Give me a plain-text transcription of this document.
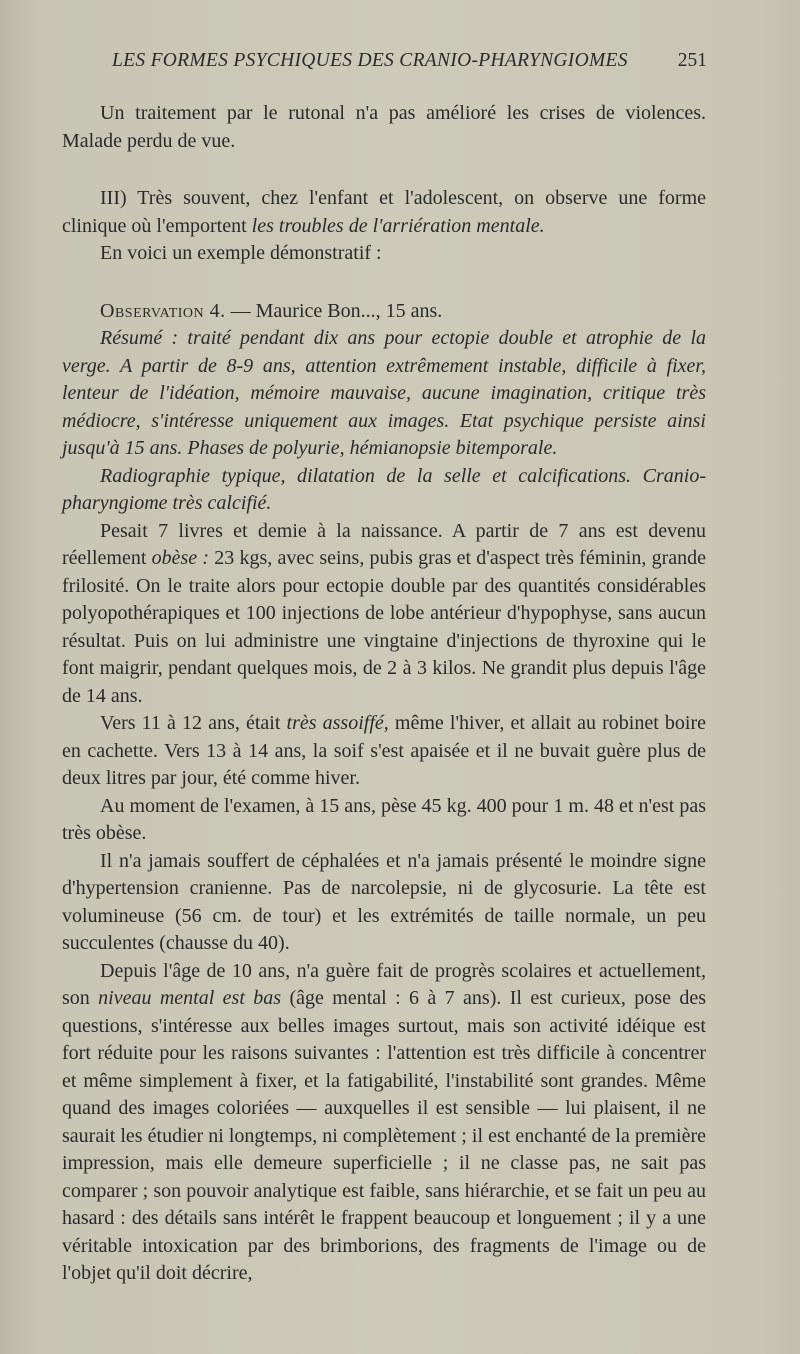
LES FORMES PSYCHIQUES DES CRANIO-PHARYNGIOMES	251

Un traitement par le rutonal n'a pas amélioré les crises de violences. Malade perdu de vue.

III) Très souvent, chez l'enfant et l'adolescent, on observe une forme clinique où l'emportent les troubles de l'arriération mentale.

En voici un exemple démonstratif :

Observation 4. — Maurice Bon..., 15 ans.

Résumé : traité pendant dix ans pour ectopie double et atrophie de la verge. A partir de 8-9 ans, attention extrêmement instable, difficile à fixer, lenteur de l'idéation, mémoire mauvaise, aucune imagination, critique très médiocre, s'intéresse uniquement aux images. Etat psychique persiste ainsi jusqu'à 15 ans. Phases de polyurie, hémianopsie bitemporale.

Radiographie typique, dilatation de la selle et calcifications. Cranio-pharyngiome très calcifié.

Pesait 7 livres et demie à la naissance. A partir de 7 ans est devenu réellement obèse : 23 kgs, avec seins, pubis gras et d'aspect très féminin, grande frilosité. On le traite alors pour ectopie double par des quantités considérables polyopothérapiques et 100 injections de lobe antérieur d'hypophyse, sans aucun résultat. Puis on lui administre une vingtaine d'injections de thyroxine qui le font maigrir, pendant quelques mois, de 2 à 3 kilos. Ne grandit plus depuis l'âge de 14 ans.

Vers 11 à 12 ans, était très assoiffé, même l'hiver, et allait au robinet boire en cachette. Vers 13 à 14 ans, la soif s'est apaisée et il ne buvait guère plus de deux litres par jour, été comme hiver.

Au moment de l'examen, à 15 ans, pèse 45 kg. 400 pour 1 m. 48 et n'est pas très obèse.

Il n'a jamais souffert de céphalées et n'a jamais présenté le moindre signe d'hypertension cranienne. Pas de narcolepsie, ni de glycosurie. La tête est volumineuse (56 cm. de tour) et les extrémités de taille normale, un peu succulentes (chausse du 40).

Depuis l'âge de 10 ans, n'a guère fait de progrès scolaires et actuellement, son niveau mental est bas (âge mental : 6 à 7 ans). Il est curieux, pose des questions, s'intéresse aux belles images surtout, mais son activité idéique est fort réduite pour les raisons suivantes : l'attention est très difficile à concentrer et même simplement à fixer, et la fatigabilité, l'instabilité sont grandes. Même quand des images coloriées — auxquelles il est sensible — lui plaisent, il ne saurait les étudier ni longtemps, ni complètement ; il est enchanté de la première impression, mais elle demeure superficielle ; il ne classe pas, ne sait pas comparer ; son pouvoir analytique est faible, sans hiérarchie, et se fait un peu au hasard : des détails sans intérêt le frappent beaucoup et longuement ; il y a une véritable intoxication par des brimborions, des fragments de l'image ou de l'objet qu'il doit décrire,
